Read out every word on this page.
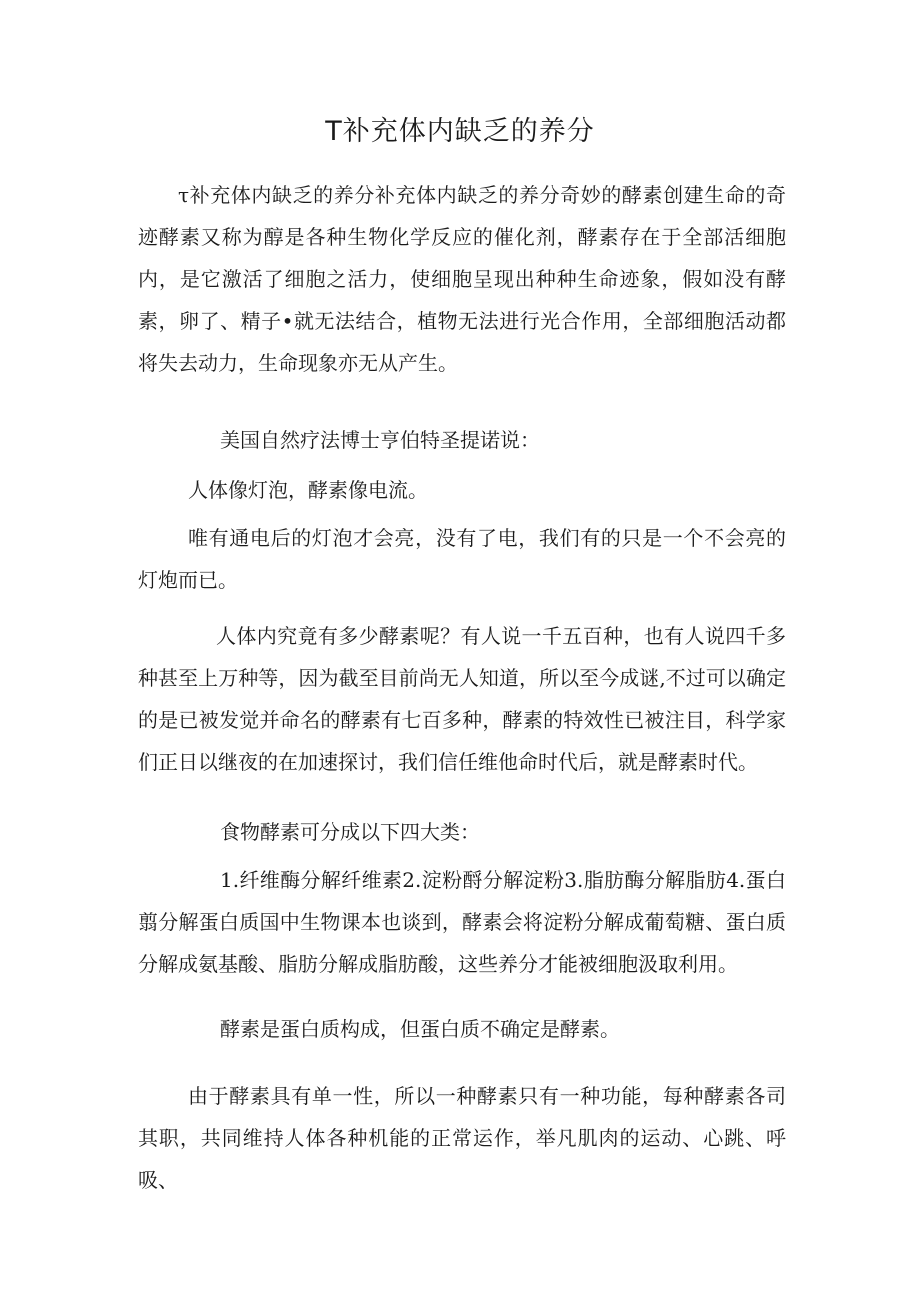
T补充体内缺乏的养分

τ补充体内缺乏的养分补充体内缺乏的养分奇妙的酵素创建生命的奇迹酵素又称为醇是各种生物化学反应的催化剂，酵素存在于全部活细胞内，是它激活了细胞之活力，使细胞呈现出种种生命迹象，假如没有酵素，卵了、精子•就无法结合，植物无法进行光合作用，全部细胞活动都将失去动力，生命现象亦无从产生。

美国自然疗法博士亨伯特圣提诺说：

人体像灯泡，酵素像电流。

唯有通电后的灯泡才会亮，没有了电，我们有的只是一个不会亮的灯炮而已。

人体内究竟有多少酵素呢？有人说一千五百种，也有人说四千多种甚至上万种等，因为截至目前尚无人知道，所以至今成谜,不过可以确定的是已被发觉并命名的酵素有七百多种，酵素的特效性已被注目，科学家们正日以继夜的在加速探讨，我们信任维他命时代后，就是酵素时代。

食物酵素可分成以下四大类：

1.纤维酶分解纤维素2.淀粉酹分解淀粉3.脂肪酶分解脂肪4.蛋白翦分解蛋白质国中生物课本也谈到，酵素会将淀粉分解成葡萄糖、蛋白质分解成氨基酸、脂肪分解成脂肪酸，这些养分才能被细胞汲取利用。

酵素是蛋白质构成，但蛋白质不确定是酵素。

由于酵素具有单一性，所以一种酵素只有一种功能，每种酵素各司其职，共同维持人体各种机能的正常运作，举凡肌肉的运动、心跳、呼吸、
